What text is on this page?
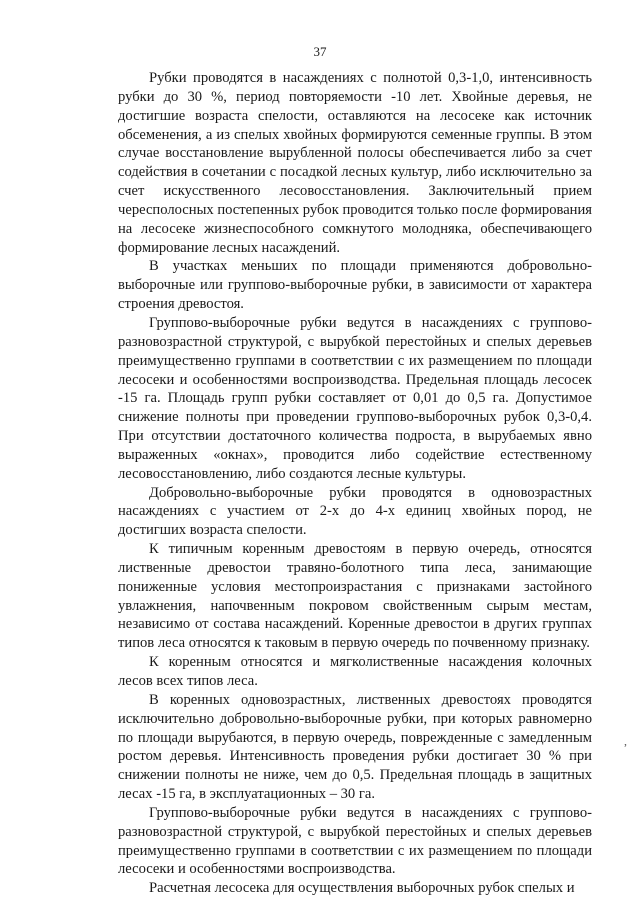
37

Рубки проводятся в насаждениях с полнотой 0,3-1,0, интенсивность рубки до 30 %, период повторяемости -10 лет. Хвойные деревья, не достигшие возраста спелости, оставляются на лесосеке как источник обсеменения, а из спелых хвойных формируются семенные группы. В этом случае восстановление вырубленной полосы обеспечивается либо за счет содействия в сочетании с посадкой лесных культур, либо исключительно за счет искусственного лесовосстановления. Заключительный прием чересполосных постепенных рубок проводится только после формирования на лесосеке жизнеспособного сомкнутого молодняка, обеспечивающего формирование лесных насаждений.

В участках меньших по площади применяются добровольно-выборочные или группово-выборочные рубки, в зависимости от характера строения древостоя.

Группово-выборочные рубки ведутся в насаждениях с группово-разновозрастной структурой, с вырубкой перестойных и спелых деревьев преимущественно группами в соответствии с их размещением по площади лесосеки и особенностями воспроизводства. Предельная площадь лесосек -15 га. Площадь групп рубки составляет от 0,01 до 0,5 га. Допустимое снижение полноты при проведении группово-выборочных рубок 0,3-0,4. При отсутствии достаточного количества подроста, в вырубаемых явно выраженных «окнах», проводится либо содействие естественному лесовосстановлению, либо создаются лесные культуры.

Добровольно-выборочные рубки проводятся в одновозрастных насаждениях с участием от 2-х до 4-х единиц хвойных пород, не достигших возраста спелости.

К типичным коренным древостоям в первую очередь, относятся лиственные древостои травяно-болотного типа леса, занимающие пониженные условия местопроизрастания с признаками застойного увлажнения, напочвенным покровом свойственным сырым местам, независимо от состава насаждений. Коренные древостои в других группах типов леса относятся к таковым в первую очередь по почвенному признаку.

К коренным относятся и мягколиственные насаждения колочных лесов всех типов леса.

В коренных одновозрастных, лиственных древостоях проводятся исключительно добровольно-выборочные рубки, при которых равномерно по площади вырубаются, в первую очередь, поврежденные с замедленным ростом деревья. Интенсивность проведения рубки достигает 30 % при снижении полноты не ниже, чем до 0,5. Предельная площадь в защитных лесах -15 га, в эксплуатационных – 30 га.

Группово-выборочные рубки ведутся в насаждениях с группово-разновозрастной структурой, с вырубкой перестойных и спелых деревьев преимущественно группами в соответствии с их размещением по площади лесосеки и особенностями воспроизводства.

Расчетная лесосека для осуществления выборочных рубок спелых и

,
